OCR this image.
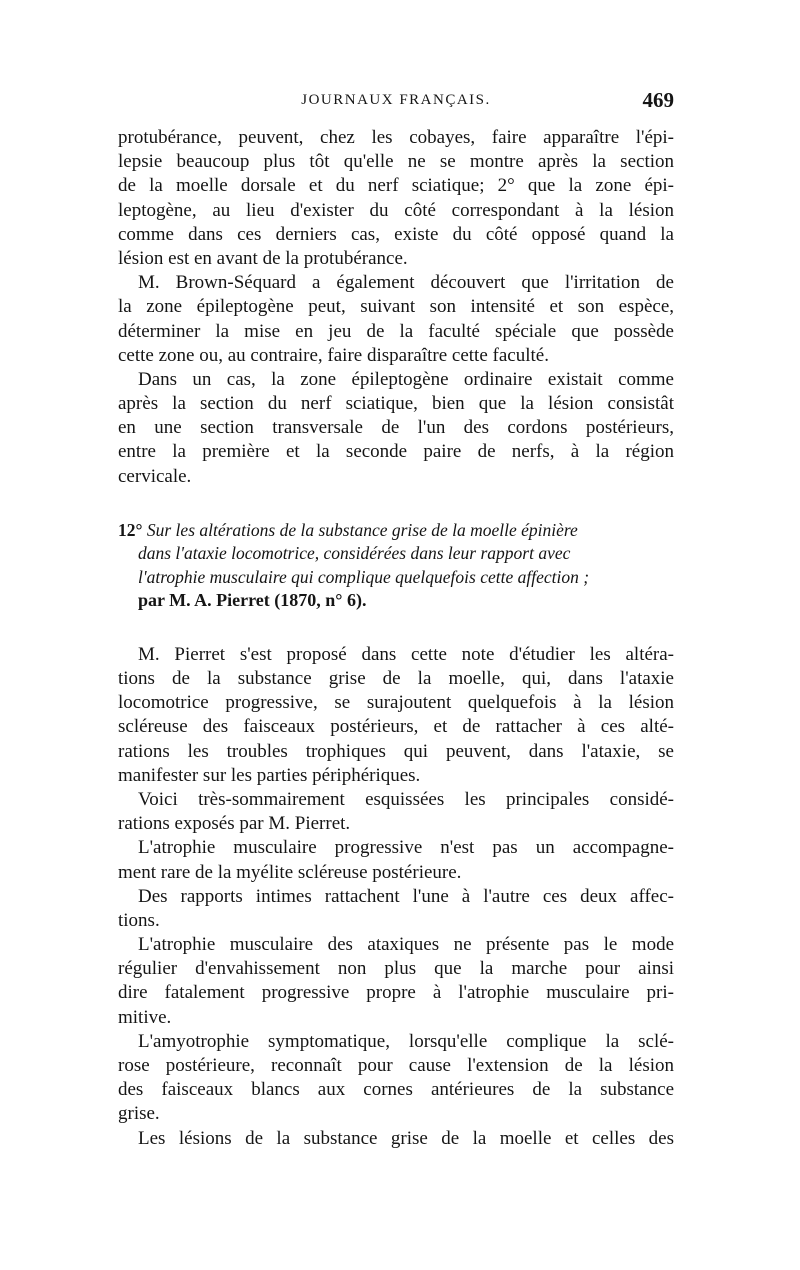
JOURNAUX FRANÇAIS.	469
protubérance, peuvent, chez les cobayes, faire apparaître l'épi-
lepsie beaucoup plus tôt qu'elle ne se montre après la section
de la moelle dorsale et du nerf sciatique; 2° que la zone épi-
leptogène, au lieu d'exister du côté correspondant à la lésion
comme dans ces derniers cas, existe du côté opposé quand la
lésion est en avant de la protubérance.
M. Brown-Séquard a également découvert que l'irritation de
la zone épileptogène peut, suivant son intensité et son espèce,
déterminer la mise en jeu de la faculté spéciale que possède
cette zone ou, au contraire, faire disparaître cette faculté.
Dans un cas, la zone épileptogène ordinaire existait comme
après la section du nerf sciatique, bien que la lésion consistât
en une section transversale de l'un des cordons postérieurs,
entre la première et la seconde paire de nerfs, à la région
cervicale.
12° Sur les altérations de la substance grise de la moelle épinière
dans l'ataxie locomotrice, considérées dans leur rapport avec
l'atrophie musculaire qui complique quelquefois cette affection ;
par M. A. Pierret (1870, n° 6).
M. Pierret s'est proposé dans cette note d'étudier les altéra-
tions de la substance grise de la moelle, qui, dans l'ataxie
locomotrice progressive, se surajoutent quelquefois à la lésion
scléreuse des faisceaux postérieurs, et de rattacher à ces alté-
rations les troubles trophiques qui peuvent, dans l'ataxie, se
manifester sur les parties périphériques.
Voici très-sommairement esquissées les principales considé-
rations exposés par M. Pierret.
L'atrophie musculaire progressive n'est pas un accompagne-
ment rare de la myélite scléreuse postérieure.
Des rapports intimes rattachent l'une à l'autre ces deux affec-
tions.
L'atrophie musculaire des ataxiques ne présente pas le mode
régulier d'envahissement non plus que la marche pour ainsi
dire fatalement progressive propre à l'atrophie musculaire pri-
mitive.
L'amyotrophie symptomatique, lorsqu'elle complique la sclé-
rose postérieure, reconnaît pour cause l'extension de la lésion
des faisceaux blancs aux cornes antérieures de la substance
grise.
Les lésions de la substance grise de la moelle et celles des
